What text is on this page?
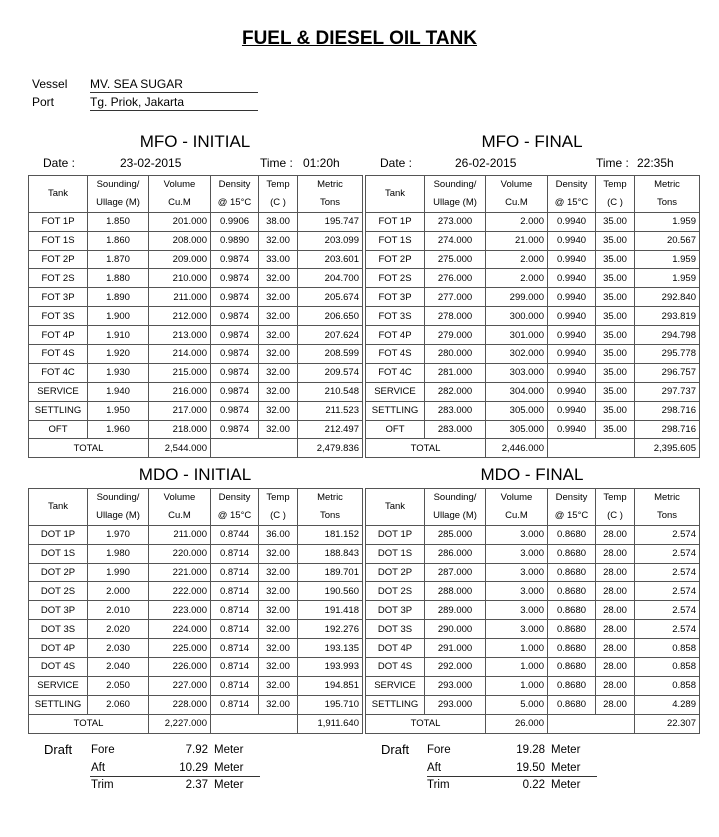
FUEL & DIESEL OIL TANK
Vessel MV. SEA SUGAR
Port	Tg. Priok, Jakarta
MFO - INITIAL
Date :	23-02-2015	Time : 01:20h
Tank	Sounding/	Volume	Density	Temp	Metric
	Ullage (M)	Cu.M	@ 15°C	(C )	Tons
FOT 1P	1.850	201.000	0.9906	38.00	195.747
FOT 1S	1.860	208.000	0.9890	32.00	203.099
FOT 2P	1.870	209.000	0.9874	33.00	203.601
FOT 2S	1.880	210.000	0.9874	32.00	204.700
FOT 3P	1.890	211.000	0.9874	32.00	205.674
FOT 3S	1.900	212.000	0.9874	32.00	206.650
FOT 4P	1.910	213.000	0.9874	32.00	207.624
FOT 4S	1.920	214.000	0.9874	32.00	208.599
FOT 4C	1.930	215.000	0.9874	32.00	209.574
SERVICE	1.940	216.000	0.9874	32.00	210.548
SETTLING	1.950	217.000	0.9874	32.00	211.523
OFT	1.960	218.000	0.9874	32.00	212.497
TOTAL		2,544.000			2,479.836
MFO - FINAL
Date :	26-02-2015	Time : 22:35h
Tank	Sounding/	Volume	Density	Temp	Metric
	Ullage (M)	Cu.M	@ 15°C	(C )	Tons
FOT 1P	273.000	2.000	0.9940	35.00	1.959
FOT 1S	274.000	21.000	0.9940	35.00	20.567
FOT 2P	275.000	2.000	0.9940	35.00	1.959
FOT 2S	276.000	2.000	0.9940	35.00	1.959
FOT 3P	277.000	299.000	0.9940	35.00	292.840
FOT 3S	278.000	300.000	0.9940	35.00	293.819
FOT 4P	279.000	301.000	0.9940	35.00	294.798
FOT 4S	280.000	302.000	0.9940	35.00	295.778
FOT 4C	281.000	303.000	0.9940	35.00	296.757
SERVICE	282.000	304.000	0.9940	35.00	297.737
SETTLING	283.000	305.000	0.9940	35.00	298.716
OFT	283.000	305.000	0.9940	35.00	298.716
TOTAL		2,446.000			2,395.605
MDO - INITIAL
Tank	Sounding/	Volume	Density	Temp	Metric
	Ullage (M)	Cu.M	@ 15°C	(C )	Tons
DOT 1P	1.970	211.000	0.8744	36.00	181.152
DOT 1S	1.980	220.000	0.8714	32.00	188.843
DOT 2P	1.990	221.000	0.8714	32.00	189.701
DOT 2S	2.000	222.000	0.8714	32.00	190.560
DOT 3P	2.010	223.000	0.8714	32.00	191.418
DOT 3S	2.020	224.000	0.8714	32.00	192.276
DOT 4P	2.030	225.000	0.8714	32.00	193.135
DOT 4S	2.040	226.000	0.8714	32.00	193.993
SERVICE	2.050	227.000	0.8714	32.00	194.851
SETTLING	2.060	228.000	0.8714	32.00	195.710
TOTAL		2,227.000			1,911.640
MDO - FINAL
Tank	Sounding/	Volume	Density	Temp	Metric
	Ullage (M)	Cu.M	@ 15°C	(C )	Tons
DOT 1P	285.000	3.000	0.8680	28.00	2.574
DOT 1S	286.000	3.000	0.8680	28.00	2.574
DOT 2P	287.000	3.000	0.8680	28.00	2.574
DOT 2S	288.000	3.000	0.8680	28.00	2.574
DOT 3P	289.000	3.000	0.8680	28.00	2.574
DOT 3S	290.000	3.000	0.8680	28.00	2.574
DOT 4P	291.000	1.000	0.8680	28.00	0.858
DOT 4S	292.000	1.000	0.8680	28.00	0.858
SERVICE	293.000	1.000	0.8680	28.00	0.858
SETTLING	293.000	5.000	0.8680	28.00	4.289
TOTAL		26.000			22.307
Draft Fore	7.92 Meter
Aft	10.29 Meter
Trim	2.37 Meter
Draft Fore	19.28 Meter
Aft	19.50 Meter
Trim	0.22 Meter
